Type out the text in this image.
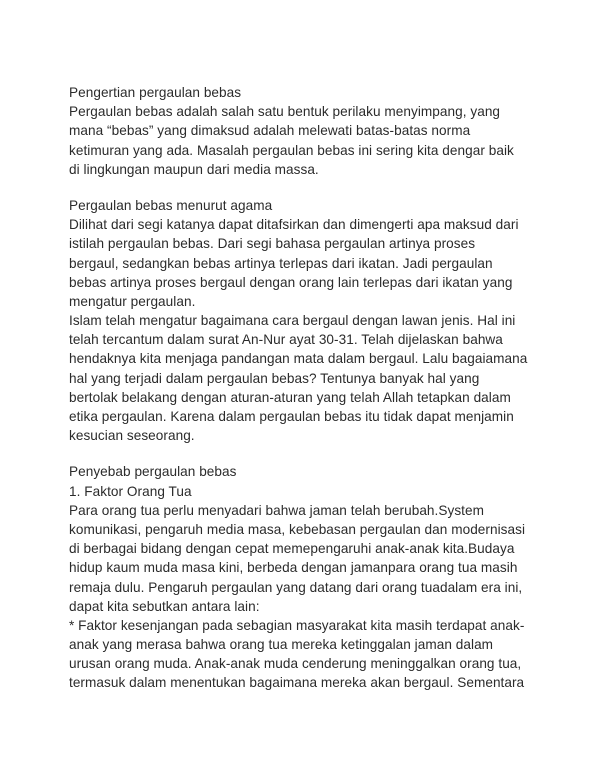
Pengertian pergaulan bebas
Pergaulan bebas adalah salah satu bentuk perilaku menyimpang, yang
mana “bebas” yang dimaksud adalah melewati batas-batas norma
ketimuran yang ada. Masalah pergaulan bebas ini sering kita dengar baik
di lingkungan maupun dari media massa.
Pergaulan bebas menurut agama
Dilihat dari segi katanya dapat ditafsirkan dan dimengerti apa maksud dari
istilah pergaulan bebas. Dari segi bahasa pergaulan artinya proses
bergaul, sedangkan bebas artinya terlepas dari ikatan. Jadi pergaulan
bebas artinya proses bergaul dengan orang lain terlepas dari ikatan yang
mengatur pergaulan.
Islam telah mengatur bagaimana cara bergaul dengan lawan jenis. Hal ini
telah tercantum dalam surat An-Nur ayat 30-31. Telah dijelaskan bahwa
hendaknya kita menjaga pandangan mata dalam bergaul. Lalu bagaiamana
hal yang terjadi dalam pergaulan bebas? Tentunya banyak hal yang
bertolak belakang dengan aturan-aturan yang telah Allah tetapkan dalam
etika pergaulan. Karena dalam pergaulan bebas itu tidak dapat menjamin
kesucian seseorang.
Penyebab pergaulan bebas
1. Faktor Orang Tua
Para orang tua perlu menyadari bahwa jaman telah berubah.System
komunikasi, pengaruh media masa, kebebasan pergaulan dan modernisasi
di berbagai bidang dengan cepat memepengaruhi anak-anak kita.Budaya
hidup kaum muda masa kini, berbeda dengan jamanpara orang tua masih
remaja dulu. Pengaruh pergaulan yang datang dari orang tuadalam era ini,
dapat kita sebutkan antara lain:
* Faktor kesenjangan pada sebagian masyarakat kita masih terdapat anak-
anak yang merasa bahwa orang tua mereka ketinggalan jaman dalam
urusan orang muda. Anak-anak muda cenderung meninggalkan orang tua,
termasuk dalam menentukan bagaimana mereka akan bergaul. Sementara
